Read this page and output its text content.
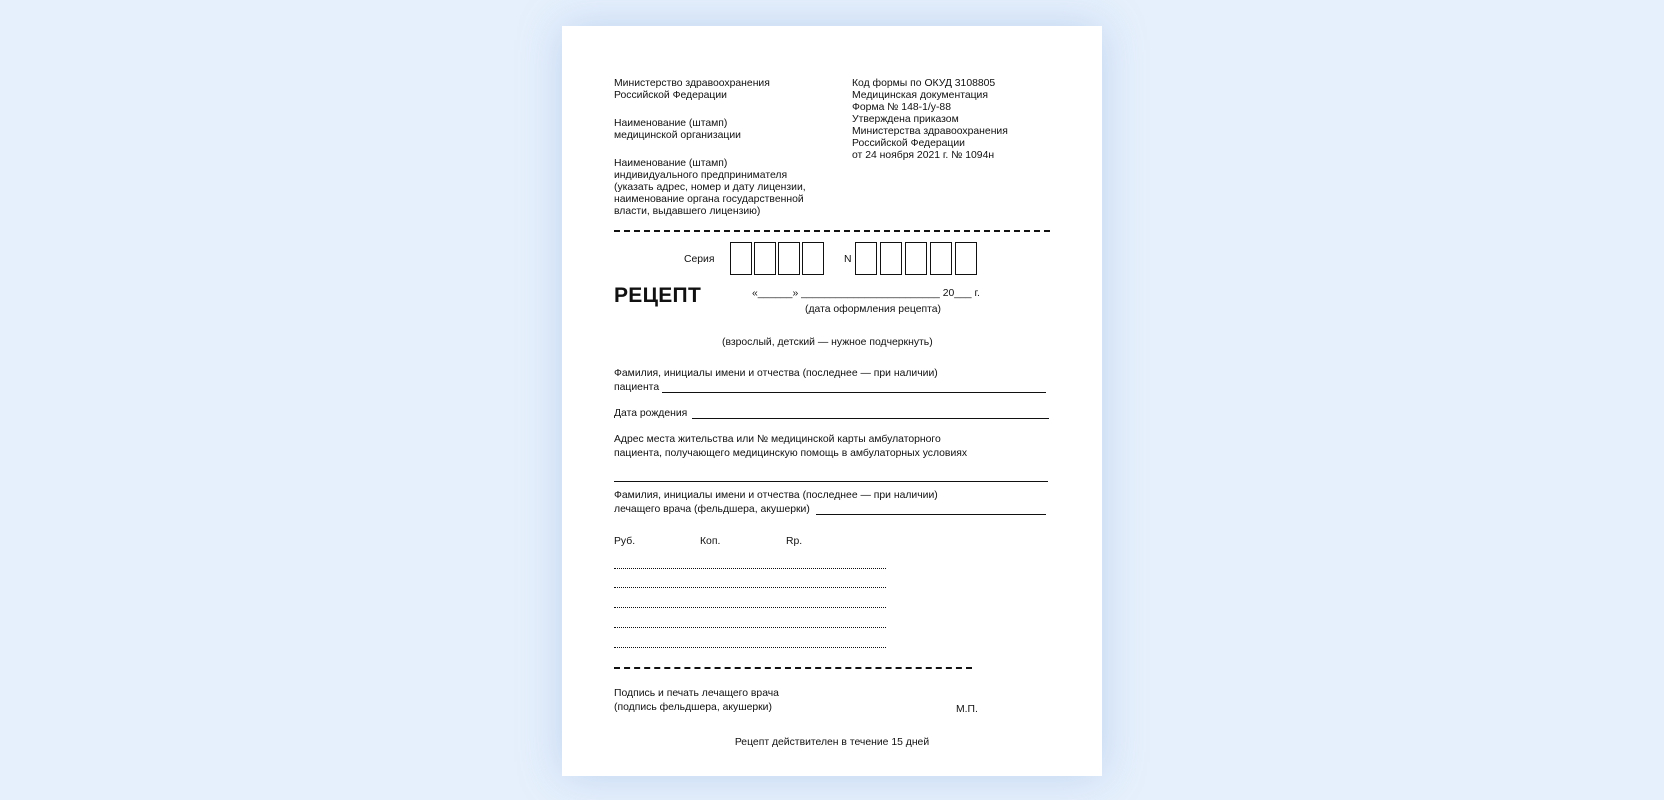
Министерство здравоохранения
Российской Федерации
Наименование (штамп)
медицинской организации
Наименование (штамп)
индивидуального предпринимателя
(указать адрес, номер и дату лицензии,
наименование органа государственной
власти, выдавшего лицензию)
Код формы по ОКУД 3108805
Медицинская документация
Форма № 148-1/у-88
Утверждена приказом
Министерства здравоохранения
Российской Федерации
от 24 ноября 2021 г. № 1094н
Серия	N
РЕЦЕПТ	«______» ________________________ 20___ г.
(дата оформления рецепта)
(взрослый, детский — нужное подчеркнуть)
Фамилия, инициалы имени и отчества (последнее — при наличии)
пациента
Дата рождения
Адрес места жительства или № медицинской карты амбулаторного
пациента, получающего медицинскую помощь в амбулаторных условиях
Фамилия, инициалы имени и отчества (последнее — при наличии)
лечащего врача (фельдшера, акушерки)
Руб.	Коп.	Rp.
Подпись и печать лечащего врача
(подпись фельдшера, акушерки)	М.П.
Рецепт действителен в течение 15 дней
